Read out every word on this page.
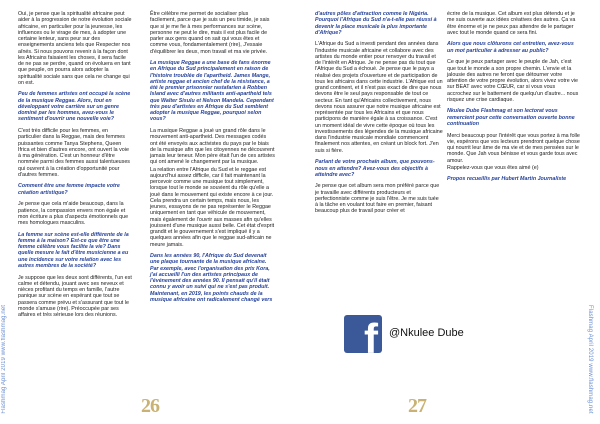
Flashmag April 2019 www.flashmag.net	Flashmag April 2019 www.flashmag.net

Oui, je pense que la spiritualité africaine peut aider à la progression de notre évolution sociale africaine, en particulier pour la jeunesse, les influences ou le virage de mes, à adopter une certaine lenteur, sans peur sur des enseignements anciens tels que Respecter nos aînés. Si nous pouvons revenir à la façon dont les Africains faisaient les choses, il sera facile de ne pas se perdre, quand on évoluera en tant que peuple, on pourra alors adopter la spiritualité sociale sans que cela ne change qui on est.

Peu de femmes artistes ont occupé la scène de la musique Reggae. Alors, tout en développant votre carrière sur un genre dominé par les hommes, avez-vous le sentiment d'ouvrir une nouvelle voie?

C'est très difficile pour les femmes, en particulier dans la Reggae, mais des femmes puissantes comme Tanya Stephens, Queen Ifrica et bien d'autres encore, ont ouvert la voie à ma génération. C'est un honneur d'être nommée parmi des femmes aussi talentueuses qui ouvrent à la création d'opportunité pour d'autres femmes.

Comment être une femme impacte votre création artistique?

Je pense que cela m'aide beaucoup, dans la patience, la compassion envers mon égale et mon écriture a plus d'aspects émotionnels que mes homologues masculins.

La femme sur scène est-elle différente de la femme à la maison? Est-ce que être une femme célèbre vous facilite la vie? Dans quelle mesure le fait d'être musicienne a eu une incidence sur votre relation avec les autres membres de la société?

Je suppose que les deux sont différents, l'un est calme et détendu, jouant avec ses neveux et nièces profitant du temps en famille, l'autre panique sur scène en espérant que tout se passera comme prévu et s'assurant que tout le monde s'amuse (rire). Préoccupée par ses affaires et très sérieuse lors des réunions.

Être célèbre me permet de socialiser plus facilement, parce que je suis un peu timide, je sais que si je me fie à mes performances sur scène, personne ne peut le dire, mais il est plus facile de parler aux gens quand on sait qui vous êtes et comme vous, fondamentalement (rire), J'essaie d'équilibrer les deux, mon travail et ma vie privée.

La musique Reggae a une base de fans énorme en Afrique du Sud principalement en raison de l'histoire troublée de l'apartheid. James Mange, artiste reggae et ancien chef de la résistance, a été le premier prisonnier rastafarien à Robben Island avec d'autres militants anti-apartheid tels que Walter Sisulu et Nelson Mandela. Cependant très peu d'artistes en Afrique du Sud semblent adopter la musique Reggae, pourquoi selon vous?

La musique Reggae a joué un grand rôle dans le mouvement anti-apartheid. Des messages codés ont été envoyés aux activistes du pays par le biais de la musique afin que les citoyennes ne découvrent jamais leur teneur. Mon père était l'un de ces artistes qui ont amené le changement par la musique.

La relation entre l'Afrique du Sud et le reggae est aujourd'hui assez difficile, car il fait maintenant la percevoir comme une musique tout simplement, lorsque tout le monde se souvient du rôle qu'elle a joué dans le mouvement qui existe encore à ce jour. Cela prendra un certain temps, mais nous, les jeunes, essayons de ne pas représenter le Reggae uniquement en tant que véhicule de mouvement, mais également de l'ouvrir aux masses afin qu'elles jouissent d'une musique aussi belle. Cet état d'esprit grandit et le gouvernement s'est impliqué il y a quelques années afin que le reggae sud-africain ne meure jamais.

Dans les années 90, l'Afrique du Sud devenait une plaque tournante de la musique africaine. Par exemple, avec l'organisation des prix Kora, j'ai accueilli l'un des artistes principaux de l'événement des années 90. Il pensait qu'il était connu y avoir un suivi qui ne s'est pas produit. Maintenant, en 2019, les points chauds de la musique africaine ont radicalement changé vers

d'autres pôles d'attraction comme le Nigéria. Pourquoi l'Afrique du Sud n'a-t-elle pas réussi à devenir la place musicale la plus importante d'Afrique?

L'Afrique du Sud a investi pendant des années dans l'industrie musicale africaine et collabore avec des artistes du monde entier pour renvoyer du travail et de l'intérêt en Afrique. Je ne pense pas du tout que l'Afrique du Sud a échoué. Je pense que le pays a réalisé des projets d'ouverture et de participation de tous les africains dans cette industrie. L'Afrique est un grand continent, et il n'est pas exact de dire que nous devons être le seul pays responsable de tout ce secteur. En tant qu'Africains collectivement, nous devons nous assurer que notre musique africaine est représentée par tous les Africains et que nous participons de manière égale à sa croissance. C'est un moment idéal de vivre cette époque où tous les investissements des légendes de la musique africaine dans l'industrie musicale mondiale commencent finalement nos attentes, en créant un block fort. J'en suis si fière.

Parlant de votre prochain album, que pouvons-nous en attendre? Avez-vous des objectifs à atteindre avec?

Je pense que cet album sera mon préféré parce que je travaille avec différents producteurs et perfectionniste comme je suis l'être. Je me suis tuée à la tâche en voulant tout faire en premier, faisant beaucoup plus de travail pour créer et

écrire de la musique. Cet album est plus détendu et je me suis ouverte aux idées créatives des autres. Ça va être énorme et je ne peux pas attendre de le partager avec tout le monde quand ce sera fini.

Alors que nous clôturons cet entretien, avez-vous un mot particulier à adresser au public?

Ce que je peux partager avec le peuple de Jah, c'est que tout le monde a son propre chemin. L'envie et la jalousie des autres ne feront que détourner votre attention de votre propre évolution, alors vivez votre vie sur BEAT avec votre CŒUR, car si vous vous accrochez sur le battement de quelqu'un d'autre... nous risquez une crise cardiaque.

Nkulee Dube Flashmag et son lectorat vous remercient pour cette conversation ouverte bonne continuation

Merci beaucoup pour l'intérêt que vous portez à ma folle vie, espérons que vos lecteurs prendront quelque chose qui nourrit leur âme de ma vie et de mes pensées sur le monde. Que Jah vous bénisse et vous garde tous avec amour.

Rappelez-vous que vous êtes aimé (e)

Propos recueillis par Hubert Martin Journaliste

f @Nkulee Dube
26	27
